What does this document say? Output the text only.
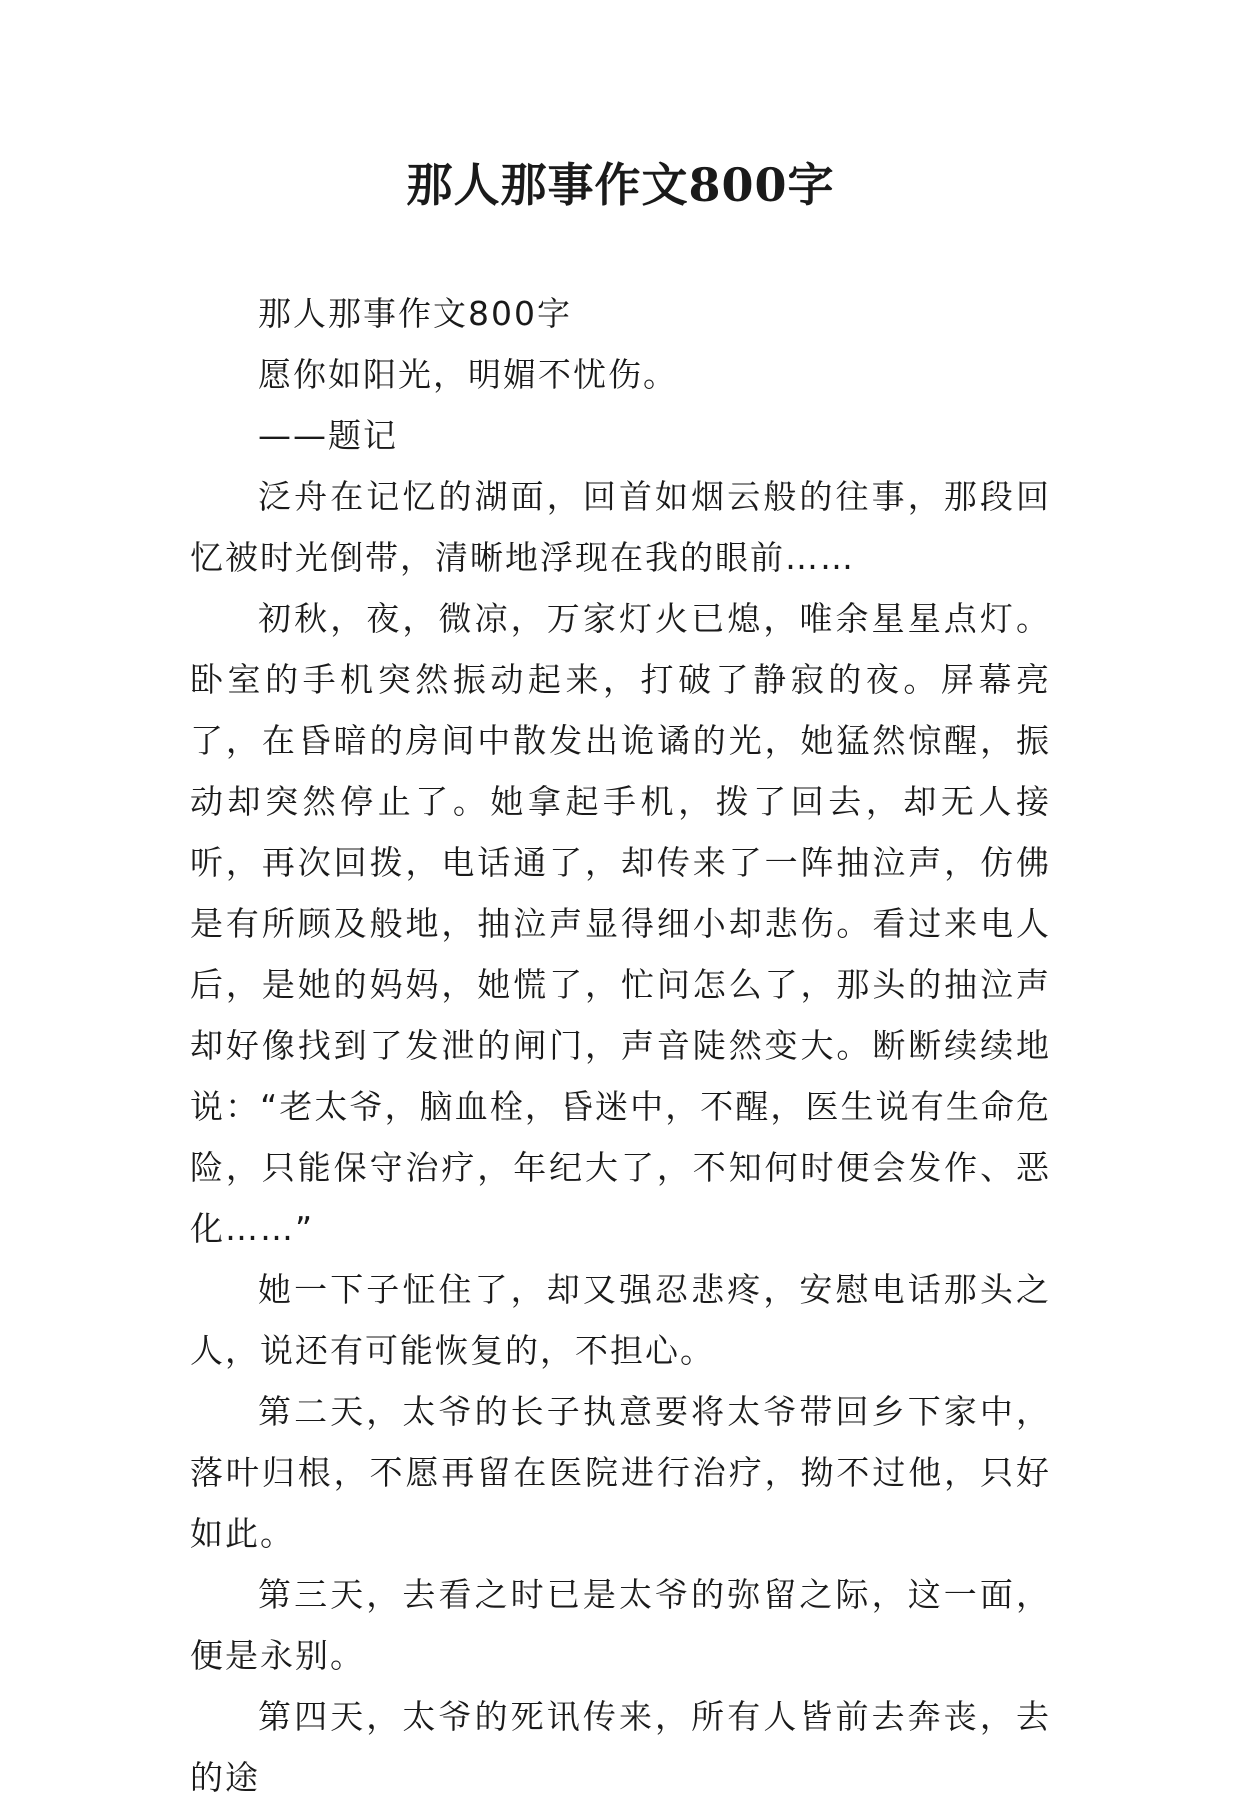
那人那事作文800字

那人那事作文800字

愿你如阳光，明媚不忧伤。

——题记

泛舟在记忆的湖面，回首如烟云般的往事，那段回忆被时光倒带，清晰地浮现在我的眼前……

初秋，夜，微凉，万家灯火已熄，唯余星星点灯。卧室的手机突然振动起来，打破了静寂的夜。屏幕亮了，在昏暗的房间中散发出诡谲的光，她猛然惊醒，振动却突然停止了。她拿起手机，拨了回去，却无人接听，再次回拨，电话通了，却传来了一阵抽泣声，仿佛是有所顾及般地，抽泣声显得细小却悲伤。看过来电人后，是她的妈妈，她慌了，忙问怎么了，那头的抽泣声却好像找到了发泄的闸门，声音陡然变大。断断续续地说：“老太爷，脑血栓，昏迷中，不醒，医生说有生命危险，只能保守治疗，年纪大了，不知何时便会发作、恶化……”

她一下子怔住了，却又强忍悲疼，安慰电话那头之人，说还有可能恢复的，不担心。

第二天，太爷的长子执意要将太爷带回乡下家中，落叶归根，不愿再留在医院进行治疗，拗不过他，只好如此。

第三天，去看之时已是太爷的弥留之际，这一面，便是永别。

第四天，太爷的死讯传来，所有人皆前去奔丧，去的途
